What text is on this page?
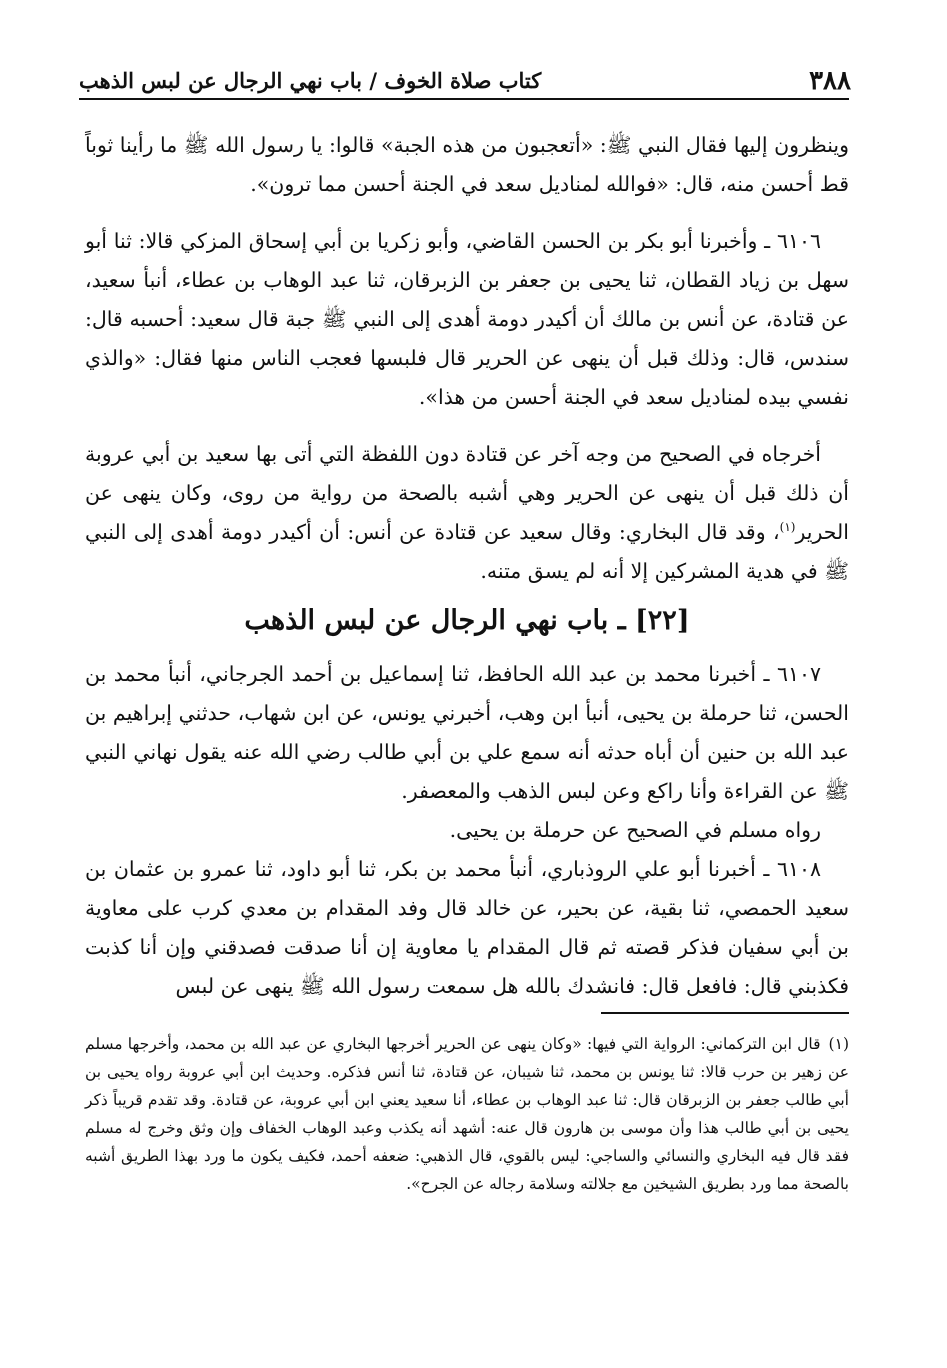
٣٨٨
كتاب صلاة الخوف / باب نهي الرجال عن لبس الذهب

وينظرون إليها فقال النبي ﷺ: «أتعجبون من هذه الجبة» قالوا: يا رسول الله ﷺ ما رأينا ثوباً قط أحسن منه، قال: «فوالله لمناديل سعد في الجنة أحسن مما ترون».

٦١٠٦ ـ وأخبرنا أبو بكر بن الحسن القاضي، وأبو زكريا بن أبي إسحاق المزكي قالا: ثنا أبو سهل بن زياد القطان، ثنا يحيى بن جعفر بن الزبرقان، ثنا عبد الوهاب بن عطاء، أنبأ سعيد، عن قتادة، عن أنس بن مالك أن أكيدر دومة أهدى إلى النبي ﷺ جبة قال سعيد: أحسبه قال: سندس، قال: وذلك قبل أن ينهى عن الحرير قال فلبسها فعجب الناس منها فقال: «والذي نفسي بيده لمناديل سعد في الجنة أحسن من هذا».

أخرجاه في الصحيح من وجه آخر عن قتادة دون اللفظة التي أتى بها سعيد بن أبي عروبة أن ذلك قبل أن ينهى عن الحرير وهي أشبه بالصحة من رواية من روى، وكان ينهى عن الحرير$^{(١)}$، وقد قال البخاري: وقال سعيد عن قتادة عن أنس: أن أكيدر دومة أهدى إلى النبي ﷺ في هدية المشركين إلا أنه لم يسق متنه.

[٢٢] ـ باب نهي الرجال عن لبس الذهب

٦١٠٧ ـ أخبرنا محمد بن عبد الله الحافظ، ثنا إسماعيل بن أحمد الجرجاني، أنبأ محمد بن الحسن، ثنا حرملة بن يحيى، أنبأ ابن وهب، أخبرني يونس، عن ابن شهاب، حدثني إبراهيم بن عبد الله بن حنين أن أباه حدثه أنه سمع علي بن أبي طالب رضي الله عنه يقول نهاني النبي ﷺ عن القراءة وأنا راكع وعن لبس الذهب والمعصفر.

رواه مسلم في الصحيح عن حرملة بن يحيى.

٦١٠٨ ـ أخبرنا أبو علي الروذباري، أنبأ محمد بن بكر، ثنا أبو داود، ثنا عمرو بن عثمان بن سعيد الحمصي، ثنا بقية، عن بحير، عن خالد قال وفد المقدام بن معدي كرب على معاوية بن أبي سفيان فذكر قصته ثم قال المقدام يا معاوية إن أنا صدقت فصدقني وإن أنا كذبت فكذبني قال: فافعل قال: فانشدك بالله هل سمعت رسول الله ﷺ ينهى عن لبس

(١)قال ابن التركماني: الرواية التي فيها: «وكان ينهى عن الحرير أخرجها البخاري عن عبد الله بن محمد، وأخرجها مسلم عن زهير بن حرب قالا: ثنا يونس بن محمد، ثنا شيبان، عن قتادة، ثنا أنس فذكره. وحديث ابن أبي عروبة رواه يحيى بن أبي طالب جعفر بن الزبرقان قال: ثنا عبد الوهاب بن عطاء، أنا سعيد يعني ابن أبي عروبة، عن قتادة. وقد تقدم قريباً ذكر يحيى بن أبي طالب هذا وأن موسى بن هارون قال عنه: أشهد أنه يكذب وعبد الوهاب الخفاف وإن وثق وخرج له مسلم فقد قال فيه البخاري والنسائي والساجي: ليس بالقوي، قال الذهبي: ضعفه أحمد، فكيف يكون ما ورد بهذا الطريق أشبه بالصحة مما ورد بطريق الشيخين مع جلالته وسلامة رجاله عن الجرح».
